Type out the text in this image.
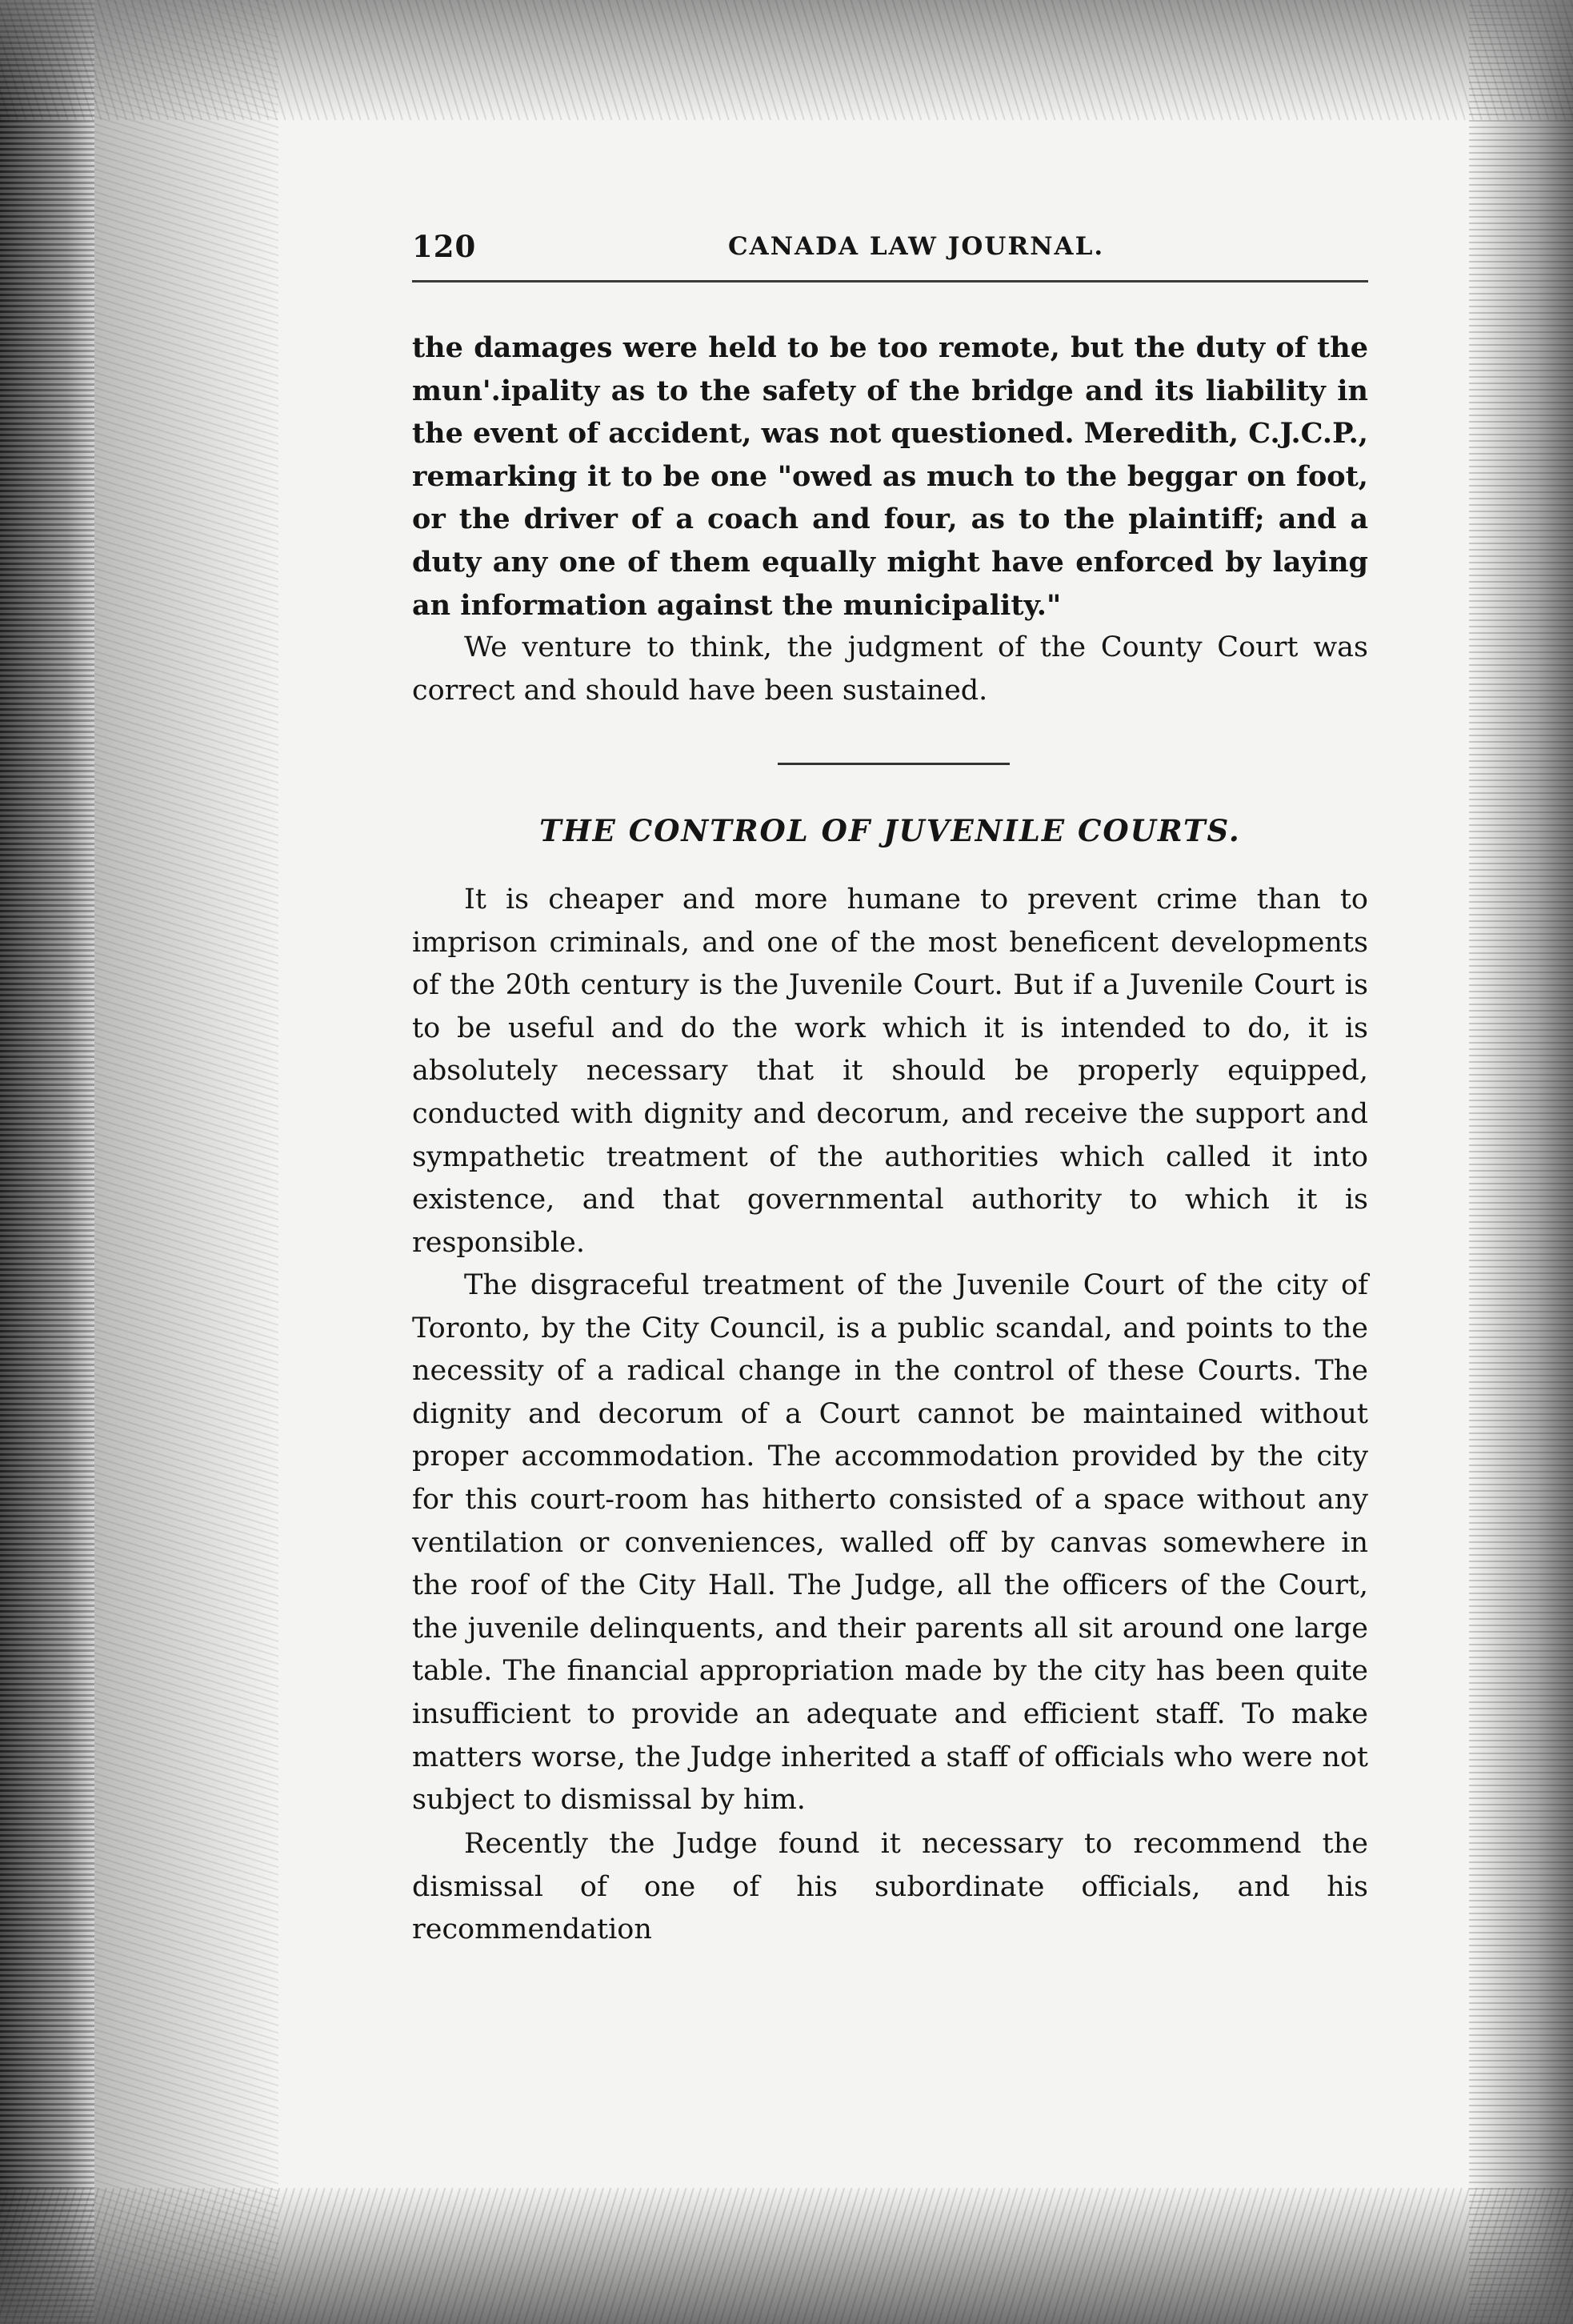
120	CANADA LAW JOURNAL.

the damages were held to be too remote, but the duty of the mun'.ipality as to the safety of the bridge and its liability in the event of accident, was not questioned. Meredith, C.J.C.P., remarking it to be one "owed as much to the beggar on foot, or the driver of a coach and four, as to the plaintiff; and a duty any one of them equally might have enforced by laying an information against the municipality."

We venture to think, the judgment of the County Court was correct and should have been sustained.

THE CONTROL OF JUVENILE COURTS.

It is cheaper and more humane to prevent crime than to imprison criminals, and one of the most beneficent developments of the 20th century is the Juvenile Court. But if a Juvenile Court is to be useful and do the work which it is intended to do, it is absolutely necessary that it should be properly equipped, conducted with dignity and decorum, and receive the support and sympathetic treatment of the authorities which called it into existence, and that governmental authority to which it is responsible.

The disgraceful treatment of the Juvenile Court of the city of Toronto, by the City Council, is a public scandal, and points to the necessity of a radical change in the control of these Courts. The dignity and decorum of a Court cannot be maintained without proper accommodation. The accommodation provided by the city for this court-room has hitherto consisted of a space without any ventilation or conveniences, walled off by canvas somewhere in the roof of the City Hall. The Judge, all the officers of the Court, the juvenile delinquents, and their parents all sit around one large table. The financial appropriation made by the city has been quite insufficient to provide an adequate and efficient staff. To make matters worse, the Judge inherited a staff of officials who were not subject to dismissal by him.

Recently the Judge found it necessary to recommend the dismissal of one of his subordinate officials, and his recommendation
